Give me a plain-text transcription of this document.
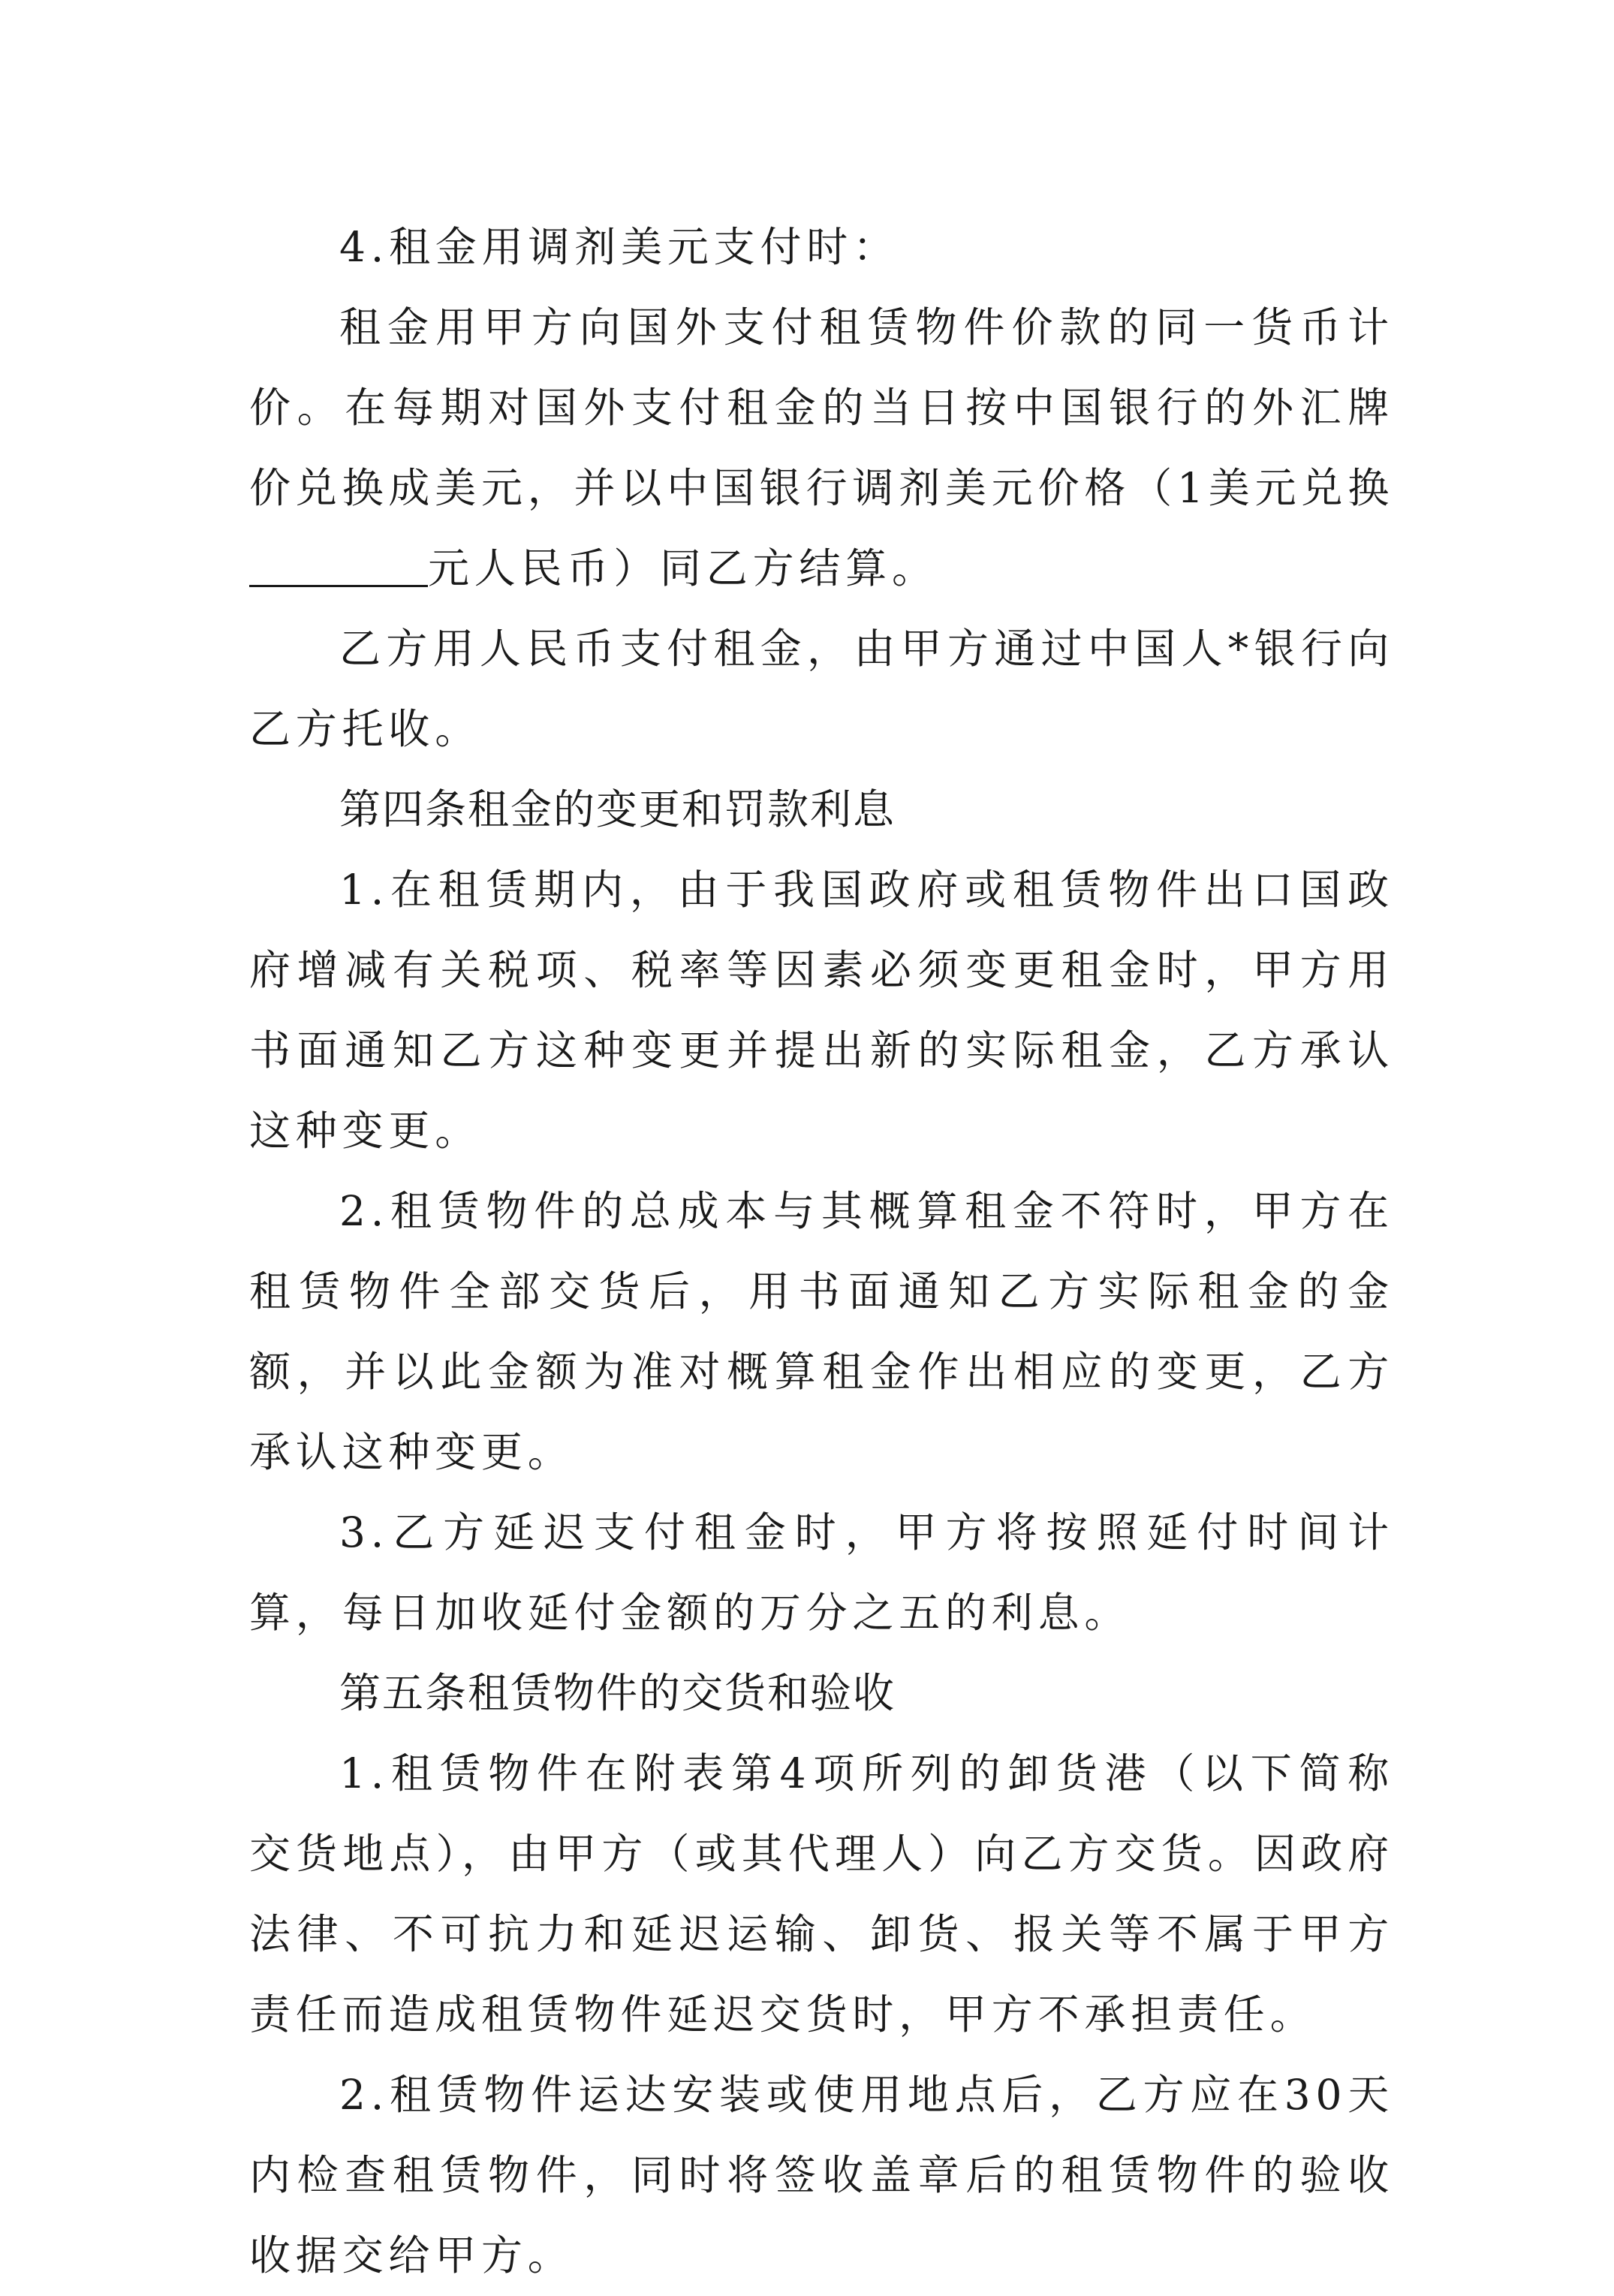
4.租金用调剂美元支付时：

租金用甲方向国外支付租赁物件价款的同一货币计价。在每期对国外支付租金的当日按中国银行的外汇牌价兑换成美元，并以中国银行调剂美元价格（1美元兑换元人民币）同乙方结算。

乙方用人民币支付租金，由甲方通过中国人*银行向乙方托收。

第四条租金的变更和罚款利息

1.在租赁期内，由于我国政府或租赁物件出口国政府增减有关税项、税率等因素必须变更租金时，甲方用书面通知乙方这种变更并提出新的实际租金，乙方承认这种变更。

2.租赁物件的总成本与其概算租金不符时，甲方在租赁物件全部交货后，用书面通知乙方实际租金的金额，并以此金额为准对概算租金作出相应的变更，乙方承认这种变更。

3.乙方延迟支付租金时，甲方将按照延付时间计算，每日加收延付金额的万分之五的利息。

第五条租赁物件的交货和验收

1.租赁物件在附表第4项所列的卸货港（以下简称交货地点），由甲方（或其代理人）向乙方交货。因政府法律、不可抗力和延迟运输、卸货、报关等不属于甲方责任而造成租赁物件延迟交货时，甲方不承担责任。

2.租赁物件运达安装或使用地点后，乙方应在30天内检查租赁物件，同时将签收盖章后的租赁物件的验收收据交给甲方。
